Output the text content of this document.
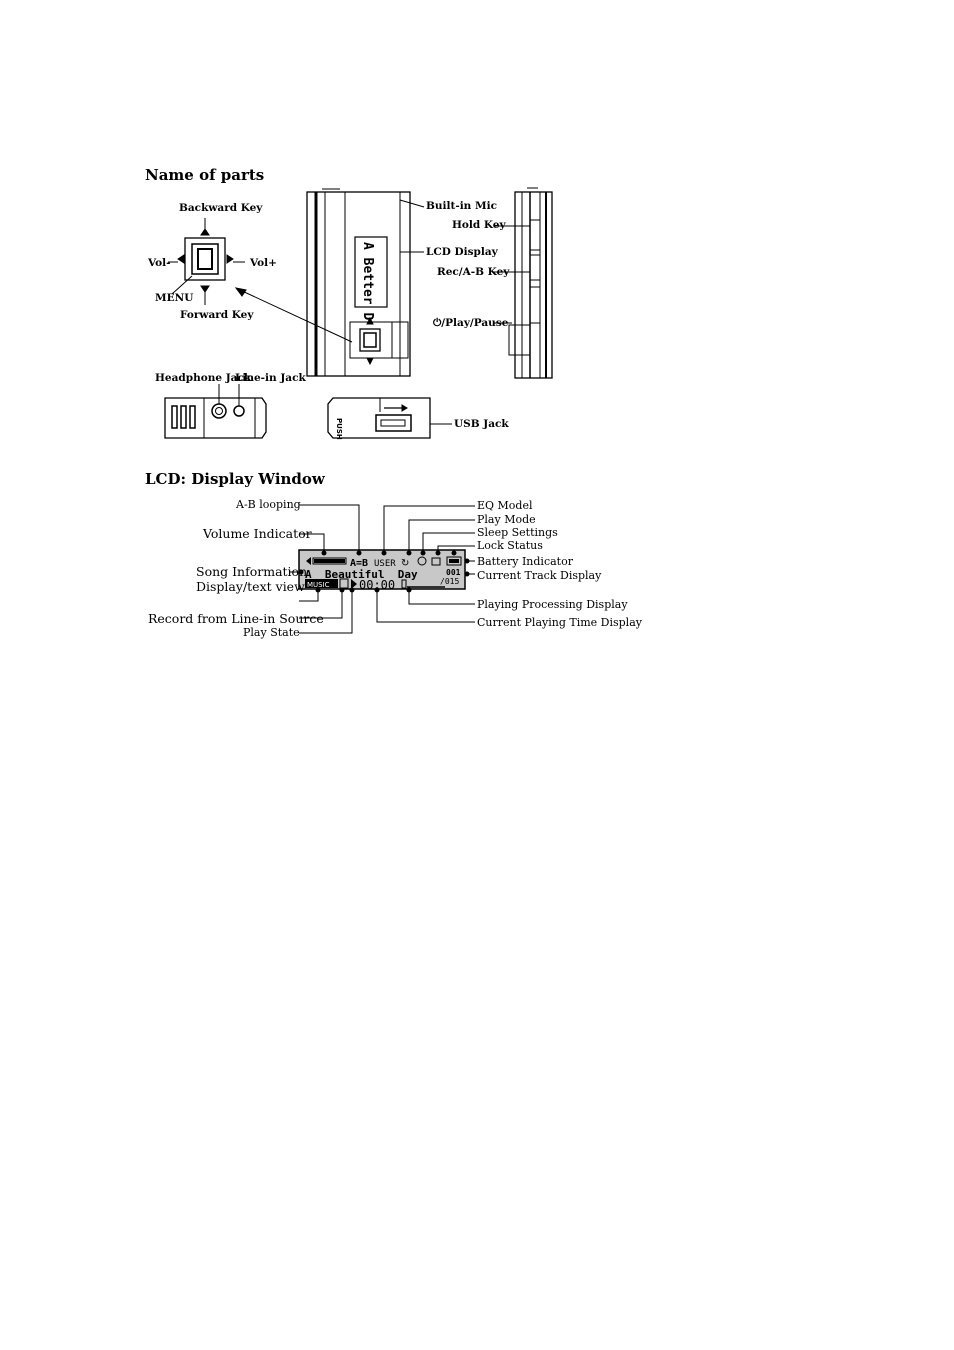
Name of parts
LCD: Display Window
A Better D
PUSH
Backward Key
Vol-	Vol+
MENU
Forward Key
Built-in Mic
LCD Display
Hold Key
Rec/A-B Key
⏻/Play/Pause
Headphone Jack
Line-in Jack
USB Jack
↻
A=B USER
A  Beautiful  Day
MUSIC 00:00
001
/015
A-B looping
Volume Indicator
Song Information
Display/text view
Record from Line-in Source
Play State
EQ Model
Play Mode
Sleep Settings
Lock Status
Battery Indicator
Current Track Display
Playing Processing Display
Current Playing Time Display
